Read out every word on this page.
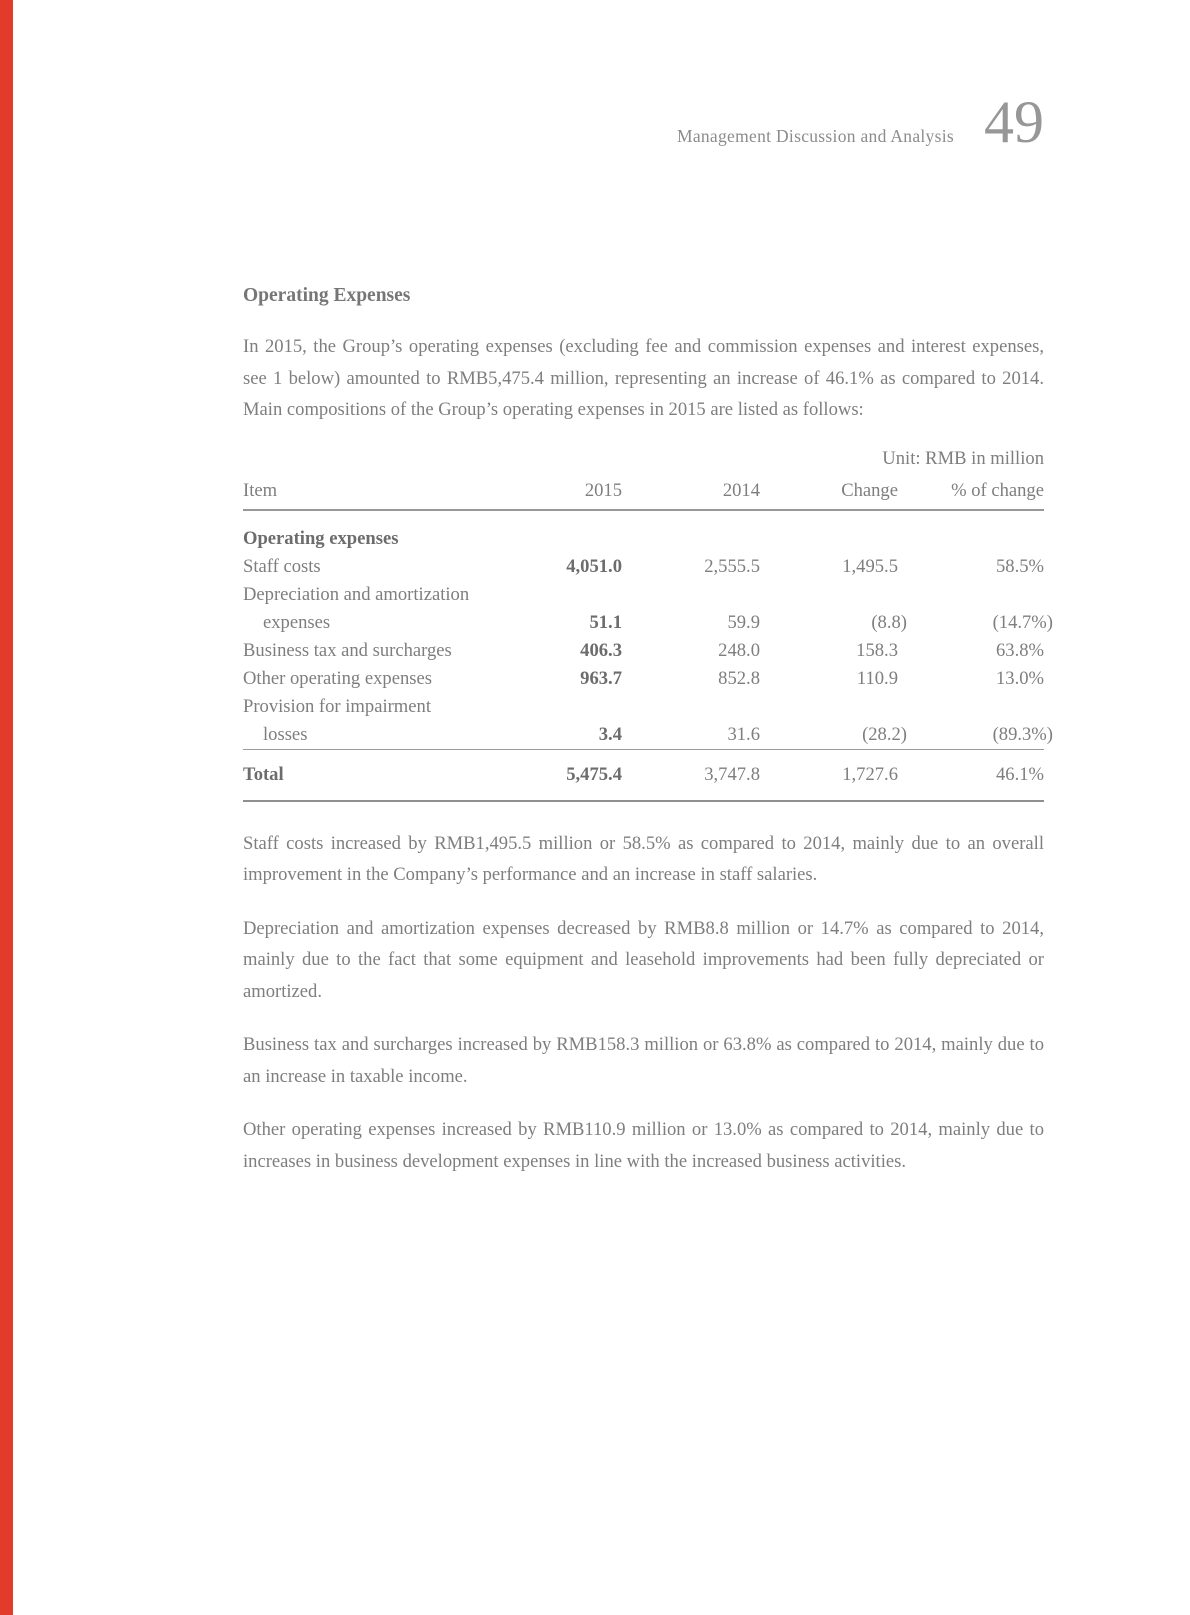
Management Discussion and Analysis 49
Operating Expenses

In 2015, the Group’s operating expenses (excluding fee and commission expenses and interest expenses, see 1 below) amounted to RMB5,475.4 million, representing an increase of 46.1% as compared to 2014. Main compositions of the Group’s operating expenses in 2015 are listed as follows:

Unit: RMB in million
Item	2015	2014	Change	% of change
Operating expenses				
Staff costs	4,051.0	2,555.5	1,495.5	58.5%
Depreciation and amortization				
expenses	51.1	59.9	(8.8)	(14.7%)
Business tax and surcharges	406.3	248.0	158.3	63.8%
Other operating expenses	963.7	852.8	110.9	13.0%
Provision for impairment				
losses	3.4	31.6	(28.2)	(89.3%)
Total	5,475.4	3,747.8	1,727.6	46.1%

Staff costs increased by RMB1,495.5 million or 58.5% as compared to 2014, mainly due to an overall improvement in the Company’s performance and an increase in staff salaries.

Depreciation and amortization expenses decreased by RMB8.8 million or 14.7% as compared to 2014, mainly due to the fact that some equipment and leasehold improvements had been fully depreciated or amortized.

Business tax and surcharges increased by RMB158.3 million or 63.8% as compared to 2014, mainly due to an increase in taxable income.

Other operating expenses increased by RMB110.9 million or 13.0% as compared to 2014, mainly due to increases in business development expenses in line with the increased business activities.
